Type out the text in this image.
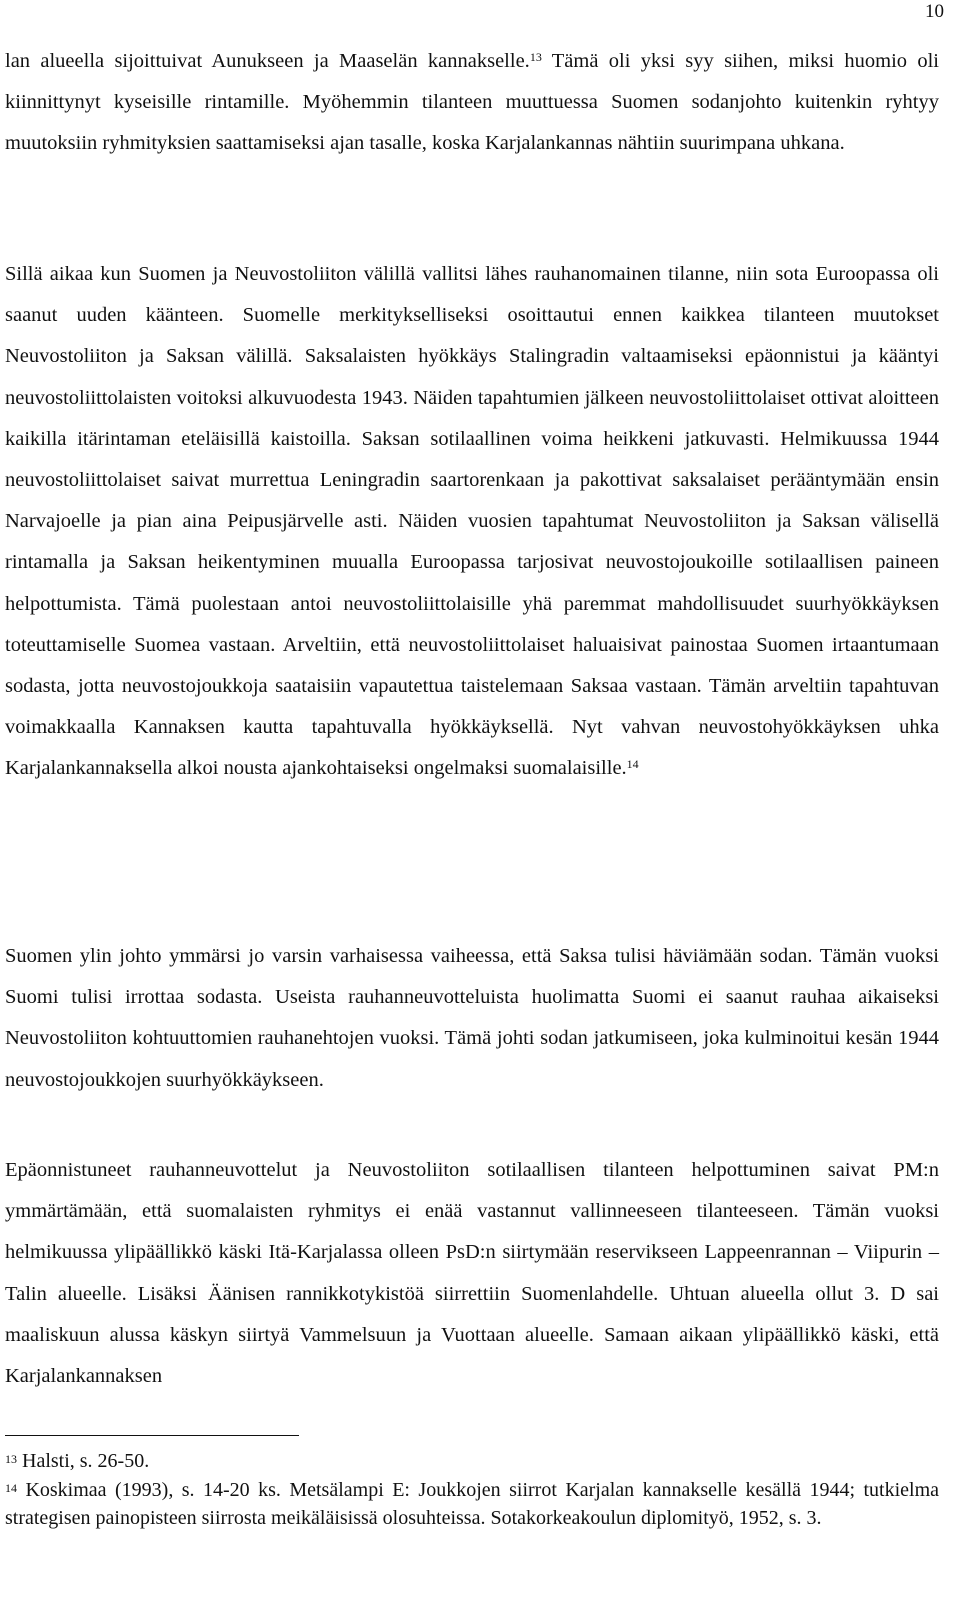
10

lan alueella sijoittuivat Aunukseen ja Maaselän kannakselle.$^{13}$ Tämä oli yksi syy siihen, miksi huomio oli kiinnittynyt kyseisille rintamille. Myöhemmin tilanteen muuttuessa Suomen sodanjohto kuitenkin ryhtyy muutoksiin ryhmityksien saattamiseksi ajan tasalle, koska Karjalankannas nähtiin suurimpana uhkana.

Sillä aikaa kun Suomen ja Neuvostoliiton välillä vallitsi lähes rauhanomainen tilanne, niin sota Euroopassa oli saanut uuden käänteen. Suomelle merkitykselliseksi osoittautui ennen kaikkea tilanteen muutokset Neuvostoliiton ja Saksan välillä. Saksalaisten hyökkäys Stalingradin valtaamiseksi epäonnistui ja kääntyi neuvostoliittolaisten voitoksi alkuvuodesta 1943. Näiden tapahtumien jälkeen neuvostoliittolaiset ottivat aloitteen kaikilla itärintaman eteläisillä kaistoilla. Saksan sotilaallinen voima heikkeni jatkuvasti. Helmikuussa 1944 neuvostoliittolaiset saivat murrettua Leningradin saartorenkaan ja pakottivat saksalaiset perääntymään ensin Narvajoelle ja pian aina Peipusjärvelle asti. Näiden vuosien tapahtumat Neuvostoliiton ja Saksan välisellä rintamalla ja Saksan heikentyminen muualla Euroopassa tarjosivat neuvostojoukoille sotilaallisen paineen helpottumista. Tämä puolestaan antoi neuvostoliittolaisille yhä paremmat mahdollisuudet suurhyökkäyksen toteuttamiselle Suomea vastaan. Arveltiin, että neuvostoliittolaiset haluaisivat painostaa Suomen irtaantumaan sodasta, jotta neuvostojoukkoja saataisiin vapautettua taistelemaan Saksaa vastaan. Tämän arveltiin tapahtuvan voimakkaalla Kannaksen kautta tapahtuvalla hyökkäyksellä. Nyt vahvan neuvostohyökkäyksen uhka Karjalankannaksella alkoi nousta ajankohtaiseksi ongelmaksi suomalaisille.$^{14}$

Suomen ylin johto ymmärsi jo varsin varhaisessa vaiheessa, että Saksa tulisi häviämään sodan. Tämän vuoksi Suomi tulisi irrottaa sodasta. Useista rauhanneuvotteluista huolimatta Suomi ei saanut rauhaa aikaiseksi Neuvostoliiton kohtuuttomien rauhanehtojen vuoksi. Tämä johti sodan jatkumiseen, joka kulminoitui kesän 1944 neuvostojoukkojen suurhyökkäykseen.

Epäonnistuneet rauhanneuvottelut ja Neuvostoliiton sotilaallisen tilanteen helpottuminen saivat PM:n ymmärtämään, että suomalaisten ryhmitys ei enää vastannut vallinneeseen tilanteeseen. Tämän vuoksi helmikuussa ylipäällikkö käski Itä-Karjalassa olleen PsD:n siirtymään reservikseen Lappeenrannan – Viipurin – Talin alueelle. Lisäksi Äänisen rannikkotykistöä siirrettiin Suomenlahdelle. Uhtuan alueella ollut 3. D sai maaliskuun alussa käskyn siirtyä Vammelsuun ja Vuottaan alueelle. Samaan aikaan ylipäällikkö käski, että Karjalankannaksen

$^{13}$ Halsti, s. 26-50.

$^{14}$ Koskimaa (1993), s. 14-20 ks. Metsälampi E: Joukkojen siirrot Karjalan kannakselle kesällä 1944; tutkielma strategisen painopisteen siirrosta meikäläisissä olosuhteissa. Sotakorkeakoulun diplomityö, 1952, s. 3.
